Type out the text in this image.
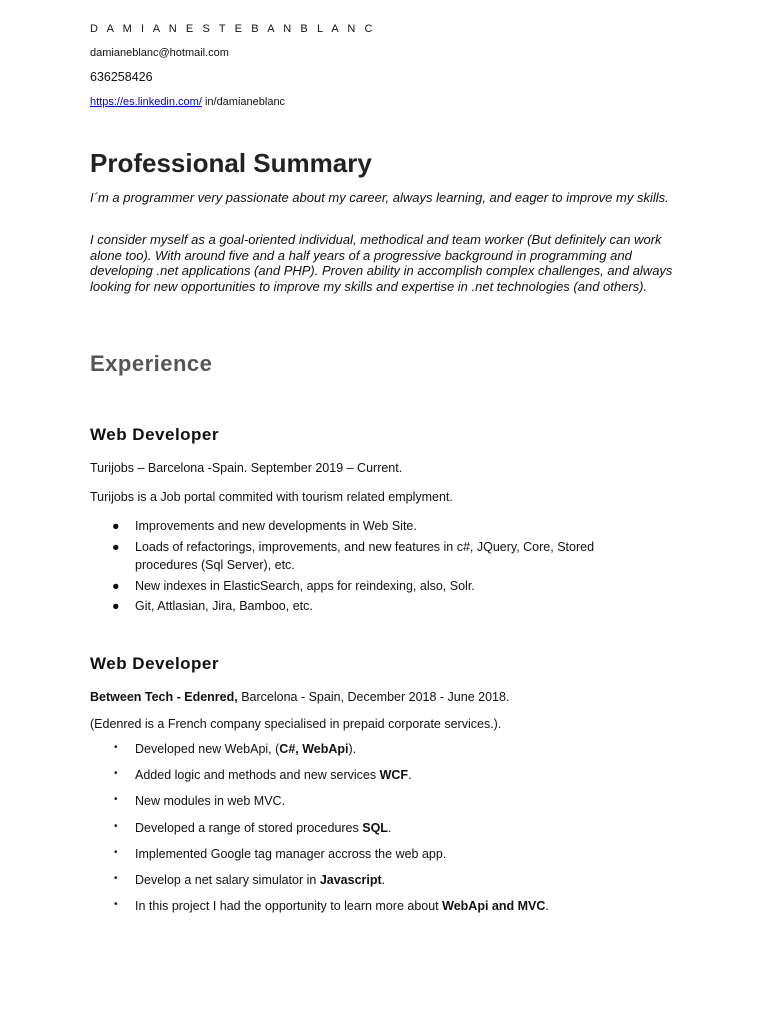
D A M I A N E S T E B A N B L A N C
damianeblanc@hotmail.com
636258426
https://es.linkedin.com/ in/damianeblanc
Professional Summary
I´m a programmer very passionate about my career, always learning, and eager to improve my skills.
I consider myself as a goal-oriented individual, methodical and team worker (But definitely can work alone too). With around five and a half years of a progressive background in programming and developing .net applications (and PHP). Proven ability in accomplish complex challenges, and always looking for new opportunities to improve my skills and expertise in .net technologies (and others).
Experience
Web Developer
Turijobs – Barcelona -Spain. September 2019 – Current.
Turijobs is a Job portal commited with tourism related emplyment.
● Improvements and new developments in Web Site.
● Loads of refactorings, improvements, and new features in c#, JQuery, Core, Stored procedures (Sql Server), etc.
● New indexes in ElasticSearch, apps for reindexing, also, Solr.
● Git, Attlasian, Jira, Bamboo, etc.
Web Developer
Between Tech - Edenred, Barcelona - Spain, December 2018 - June 2018.
(Edenred is a French company specialised in prepaid corporate services.).
• Developed new WebApi, (C#, WebApi).
• Added logic and methods and new services WCF.
• New modules in web MVC.
• Developed a range of stored procedures SQL.
• Implemented Google tag manager accross the web app.
• Develop a net salary simulator in Javascript.
• In this project I had the opportunity to learn more about WebApi and MVC.
